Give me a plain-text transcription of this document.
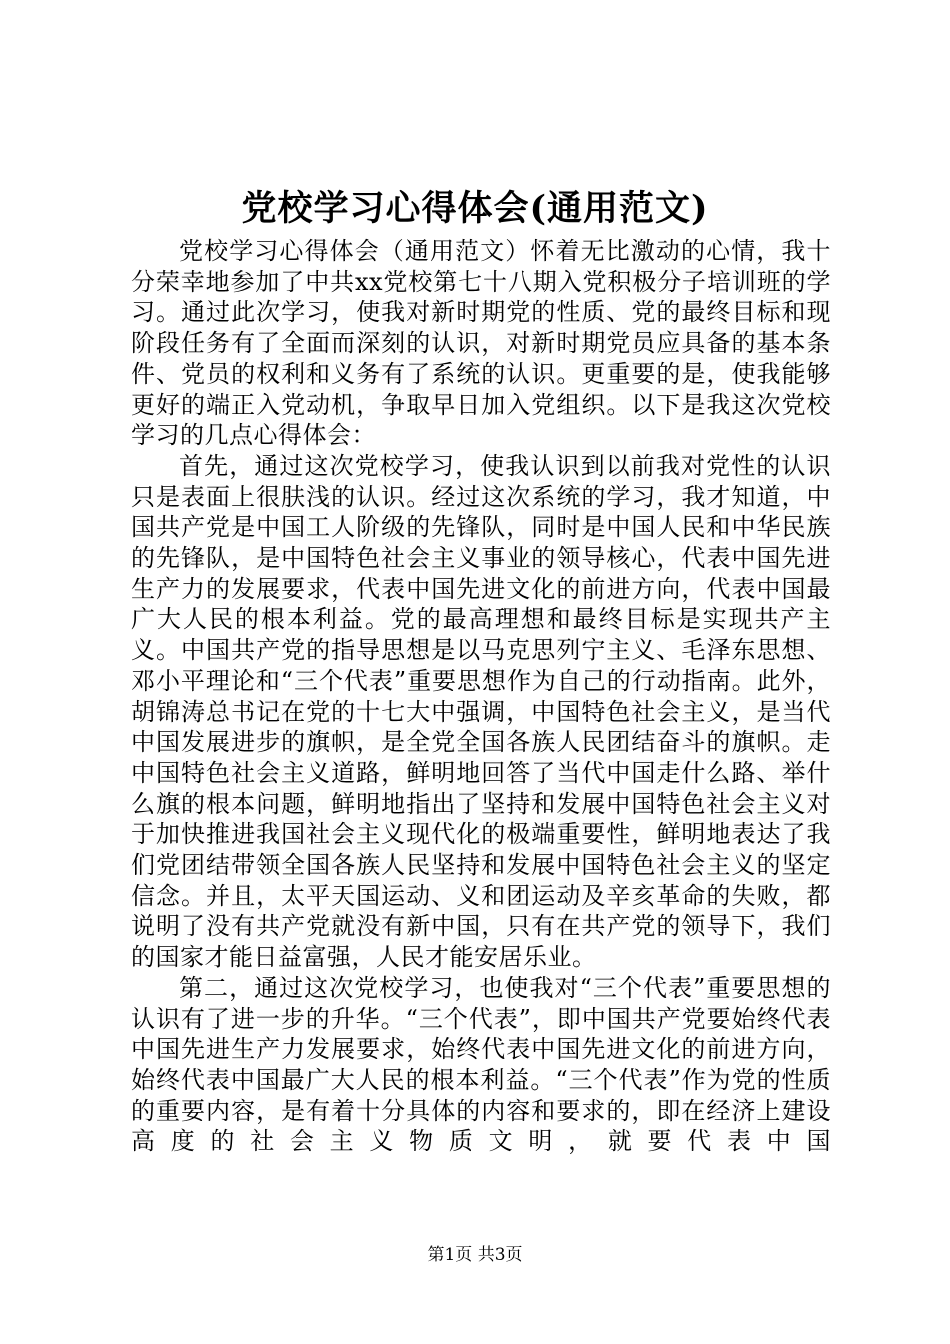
党校学习心得体会(通用范文)

党校学习心得体会（通用范文）怀着无比激动的心情，我十分荣幸地参加了中共xx党校第七十八期入党积极分子培训班的学习。通过此次学习，使我对新时期党的性质、党的最终目标和现阶段任务有了全面而深刻的认识，对新时期党员应具备的基本条件、党员的权利和义务有了系统的认识。更重要的是，使我能够更好的端正入党动机，争取早日加入党组织。以下是我这次党校学习的几点心得体会：

首先，通过这次党校学习，使我认识到以前我对党性的认识只是表面上很肤浅的认识。经过这次系统的学习，我才知道，中国共产党是中国工人阶级的先锋队，同时是中国人民和中华民族的先锋队，是中国特色社会主义事业的领导核心，代表中国先进生产力的发展要求，代表中国先进文化的前进方向，代表中国最广大人民的根本利益。党的最高理想和最终目标是实现共产主义。中国共产党的指导思想是以马克思列宁主义、毛泽东思想、邓小平理论和“三个代表”重要思想作为自己的行动指南。此外，胡锦涛总书记在党的十七大中强调，中国特色社会主义，是当代中国发展进步的旗帜，是全党全国各族人民团结奋斗的旗帜。走中国特色社会主义道路，鲜明地回答了当代中国走什么路、举什么旗的根本问题，鲜明地指出了坚持和发展中国特色社会主义对于加快推进我国社会主义现代化的极端重要性，鲜明地表达了我们党团结带领全国各族人民坚持和发展中国特色社会主义的坚定信念。并且，太平天国运动、义和团运动及辛亥革命的失败，都说明了没有共产党就没有新中国，只有在共产党的领导下，我们的国家才能日益富强，人民才能安居乐业。

第二，通过这次党校学习，也使我对“三个代表”重要思想的认识有了进一步的升华。“三个代表”，即中国共产党要始终代表中国先进生产力发展要求，始终代表中国先进文化的前进方向，始终代表中国最广大人民的根本利益。“三个代表”作为党的性质的重要内容，是有着十分具体的内容和要求的，即在经济上建设高度的社会主义物质文明，就要代表中国

第1页 共3页
